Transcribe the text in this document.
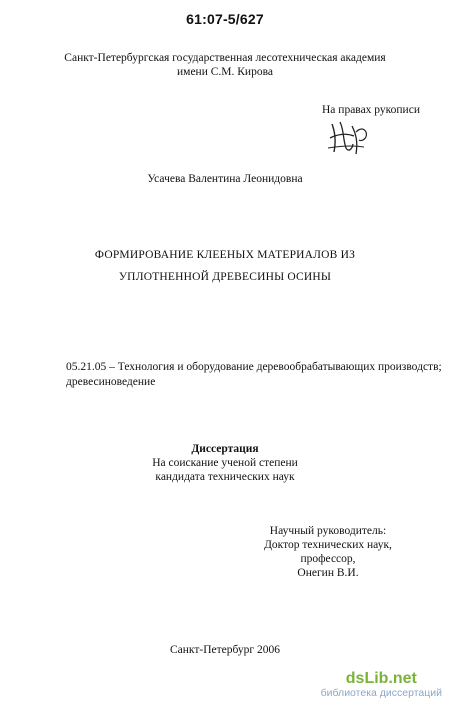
61:07-5/627
Санкт-Петербургская государственная лесотехническая академия
имени С.М. Кирова
На правах рукописи
Усачева Валентина Леонидовна
ФОРМИРОВАНИЕ КЛЕЕНЫХ МАТЕРИАЛОВ ИЗ
УПЛОТНЕННОЙ ДРЕВЕСИНЫ ОСИНЫ
05.21.05 – Технология и оборудование деревообрабатывающих производств;
древесиноведение
Диссертация
На соискание ученой степени
кандидата технических наук
Научный руководитель:
Доктор технических наук, профессор,
Онегин В.И.
Санкт-Петербург 2006
dsLib.net
библиотека диссертаций
